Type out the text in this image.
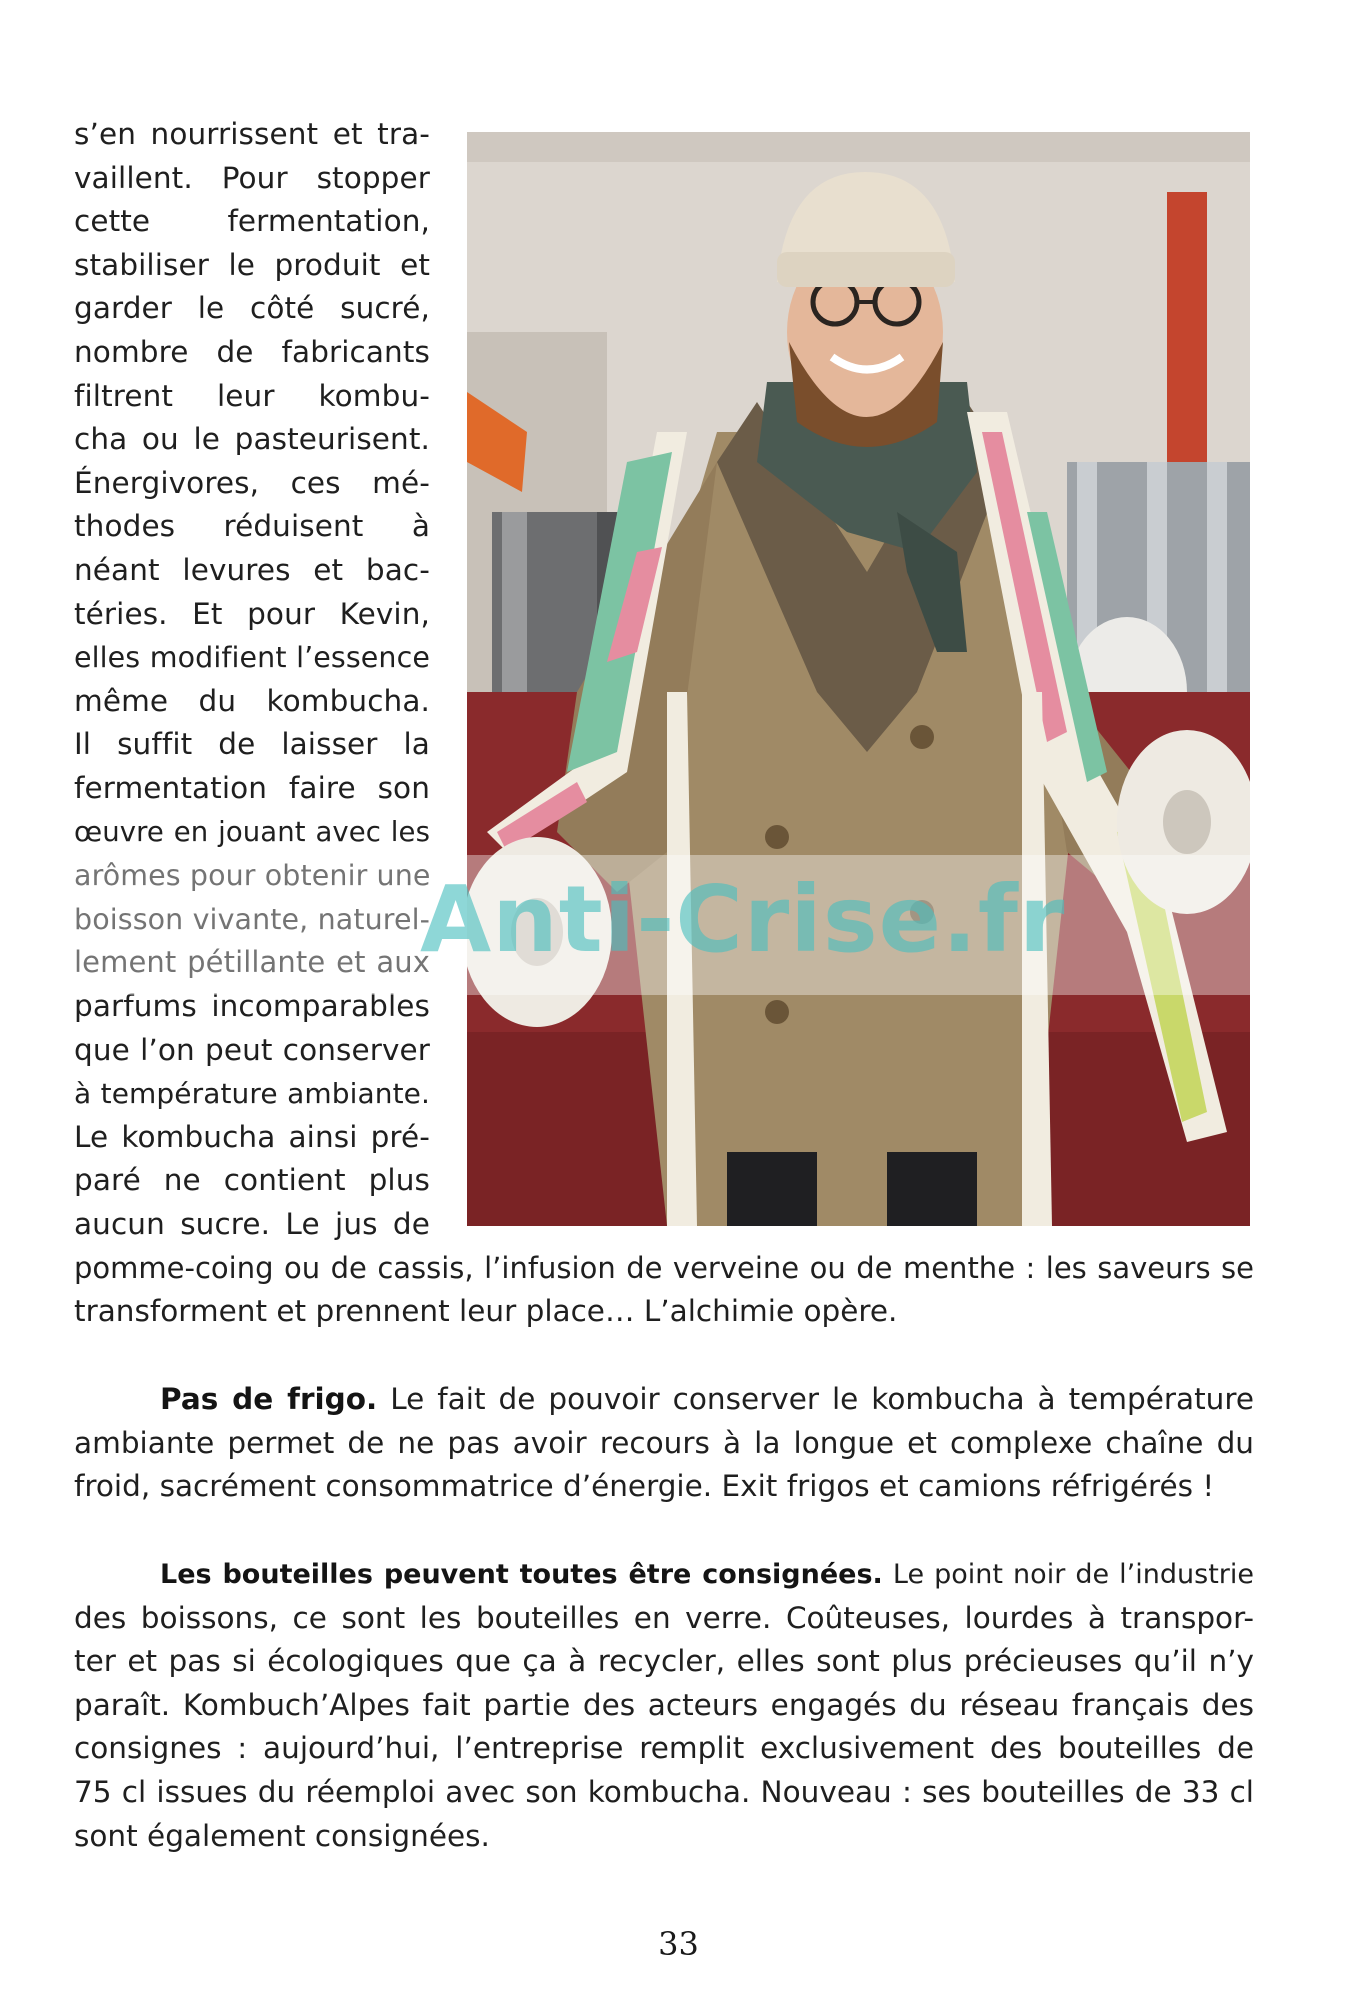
s’en nourrissent et tra-
vaillent. Pour stopper
cette fermentation,
stabiliser le produit et
garder le côté sucré,
nombre de fabricants
filtrent leur kombu-
cha ou le pasteurisent.
Énergivores, ces mé-
thodes réduisent à
néant levures et bac-
téries. Et pour Kevin,
elles modifient l’essence
même du kombucha.
Il suffit de laisser la
fermentation faire son
œuvre en jouant avec les
arômes pour obtenir une
boisson vivante, naturel-
lement pétillante et aux
parfums incomparables
que l’on peut conserver
à température ambiante.
Le kombucha ainsi pré-
paré ne contient plus
aucun sucre. Le jus de
pomme-coing ou de cassis, l’infusion de verveine ou de menthe : les saveurs se
transforment et prennent leur place… L’alchimie opère.
Pas de frigo. Le fait de pouvoir conserver le kombucha à température
ambiante permet de ne pas avoir recours à la longue et complexe chaîne du
froid, sacrément consommatrice d’énergie. Exit frigos et camions réfrigérés !
Les bouteilles peuvent toutes être consignées. Le point noir de l’industrie
des boissons, ce sont les bouteilles en verre. Coûteuses, lourdes à transpor-
ter et pas si écologiques que ça à recycler, elles sont plus précieuses qu’il n’y
paraît. Kombuch’Alpes fait partie des acteurs engagés du réseau français des
consignes : aujourd’hui, l’entreprise remplit exclusivement des bouteilles de
75 cl issues du réemploi avec son kombucha. Nouveau : ses bouteilles de 33 cl
sont également consignées.
Anti-Crise.fr
33
